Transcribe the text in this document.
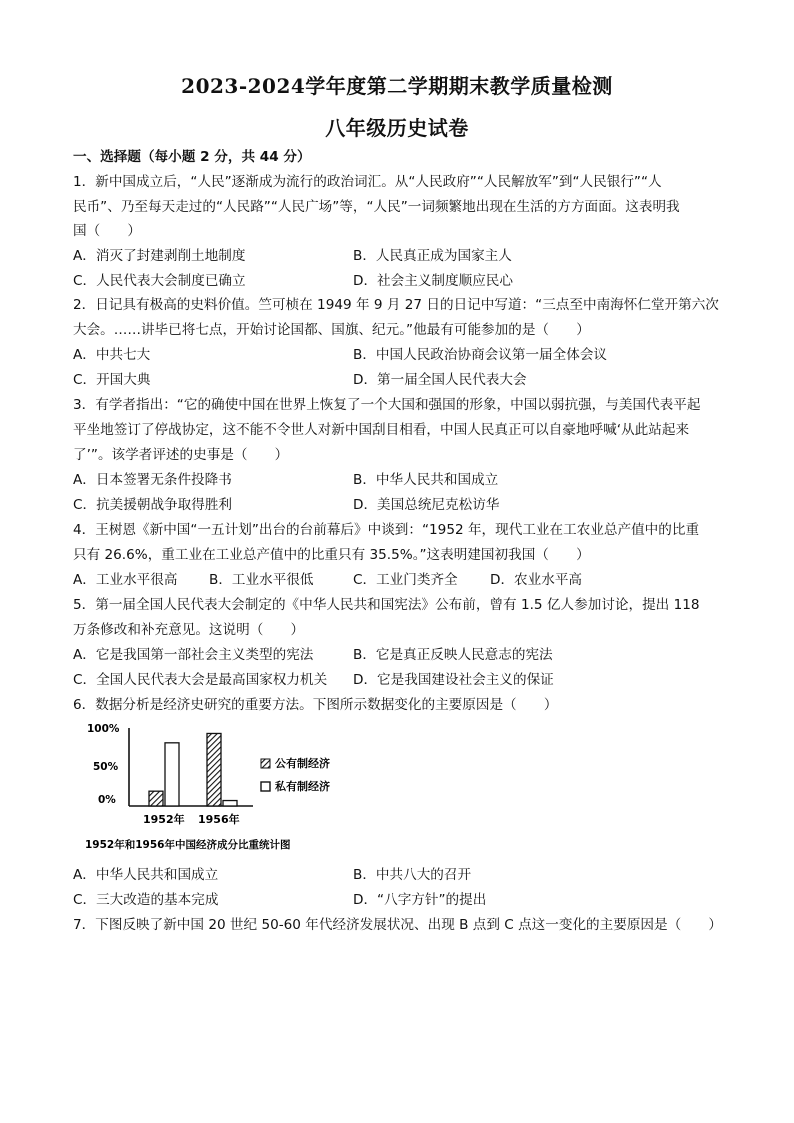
2023-2024学年度第二学期期末教学质量检测
八年级历史试卷
一、选择题（每小题 2 分，共 44 分）
1．新中国成立后，“人民”逐渐成为流行的政治词汇。从“人民政府”“人民解放军”到“人民银行”“人
民币”、乃至每天走过的“人民路”“人民广场”等，“人民”一词频繁地出现在生活的方方面面。这表明我
国（　　）
A．消灭了封建剥削土地制度	B．人民真正成为国家主人
C．人民代表大会制度已确立	D．社会主义制度顺应民心
2．日记具有极高的史料价值。竺可桢在 1949 年 9 月 27 日的日记中写道：“三点至中南海怀仁堂开第六次
大会。……讲毕已将七点，开始讨论国都、国旗、纪元。”他最有可能参加的是（　　）
A．中共七大	B．中国人民政治协商会议第一届全体会议
C．开国大典	D．第一届全国人民代表大会
3．有学者指出：“它的确使中国在世界上恢复了一个大国和强国的形象，中国以弱抗强，与美国代表平起
平坐地签订了停战协定，这不能不令世人对新中国刮目相看，中国人民真正可以自豪地呼喊‘从此站起来
了’”。该学者评述的史事是（　　）
A．日本签署无条件投降书	B．中华人民共和国成立
C．抗美援朝战争取得胜利	D．美国总统尼克松访华
4．王树恩《新中国“一五计划”出台的台前幕后》中谈到：“1952 年，现代工业在工农业总产值中的比重
只有 26.6%，重工业在工业总产值中的比重只有 35.5%。”这表明建国初我国（　　）
A．工业水平很高 B．工业水平很低	C．工业门类齐全 D．农业水平高
5．第一届全国人民代表大会制定的《中华人民共和国宪法》公布前，曾有 1.5 亿人参加讨论，提出 118
万条修改和补充意见。这说明（　　）
A．它是我国第一部社会主义类型的宪法	B．它是真正反映人民意志的宪法
C．全国人民代表大会是最高国家权力机关 D．它是我国建设社会主义的保证
6．数据分析是经济史研究的重要方法。下图所示数据变化的主要原因是（　　）
100%
50%
0%
1952年 1956年
公有制经济
私有制经济
1952年和1956年中国经济成分比重统计图
A．中华人民共和国成立	B．中共八大的召开
C．三大改造的基本完成	D．“八字方针”的提出
7．下图反映了新中国 20 世纪 50-60 年代经济发展状况、出现 B 点到 C 点这一变化的主要原因是（　　）
